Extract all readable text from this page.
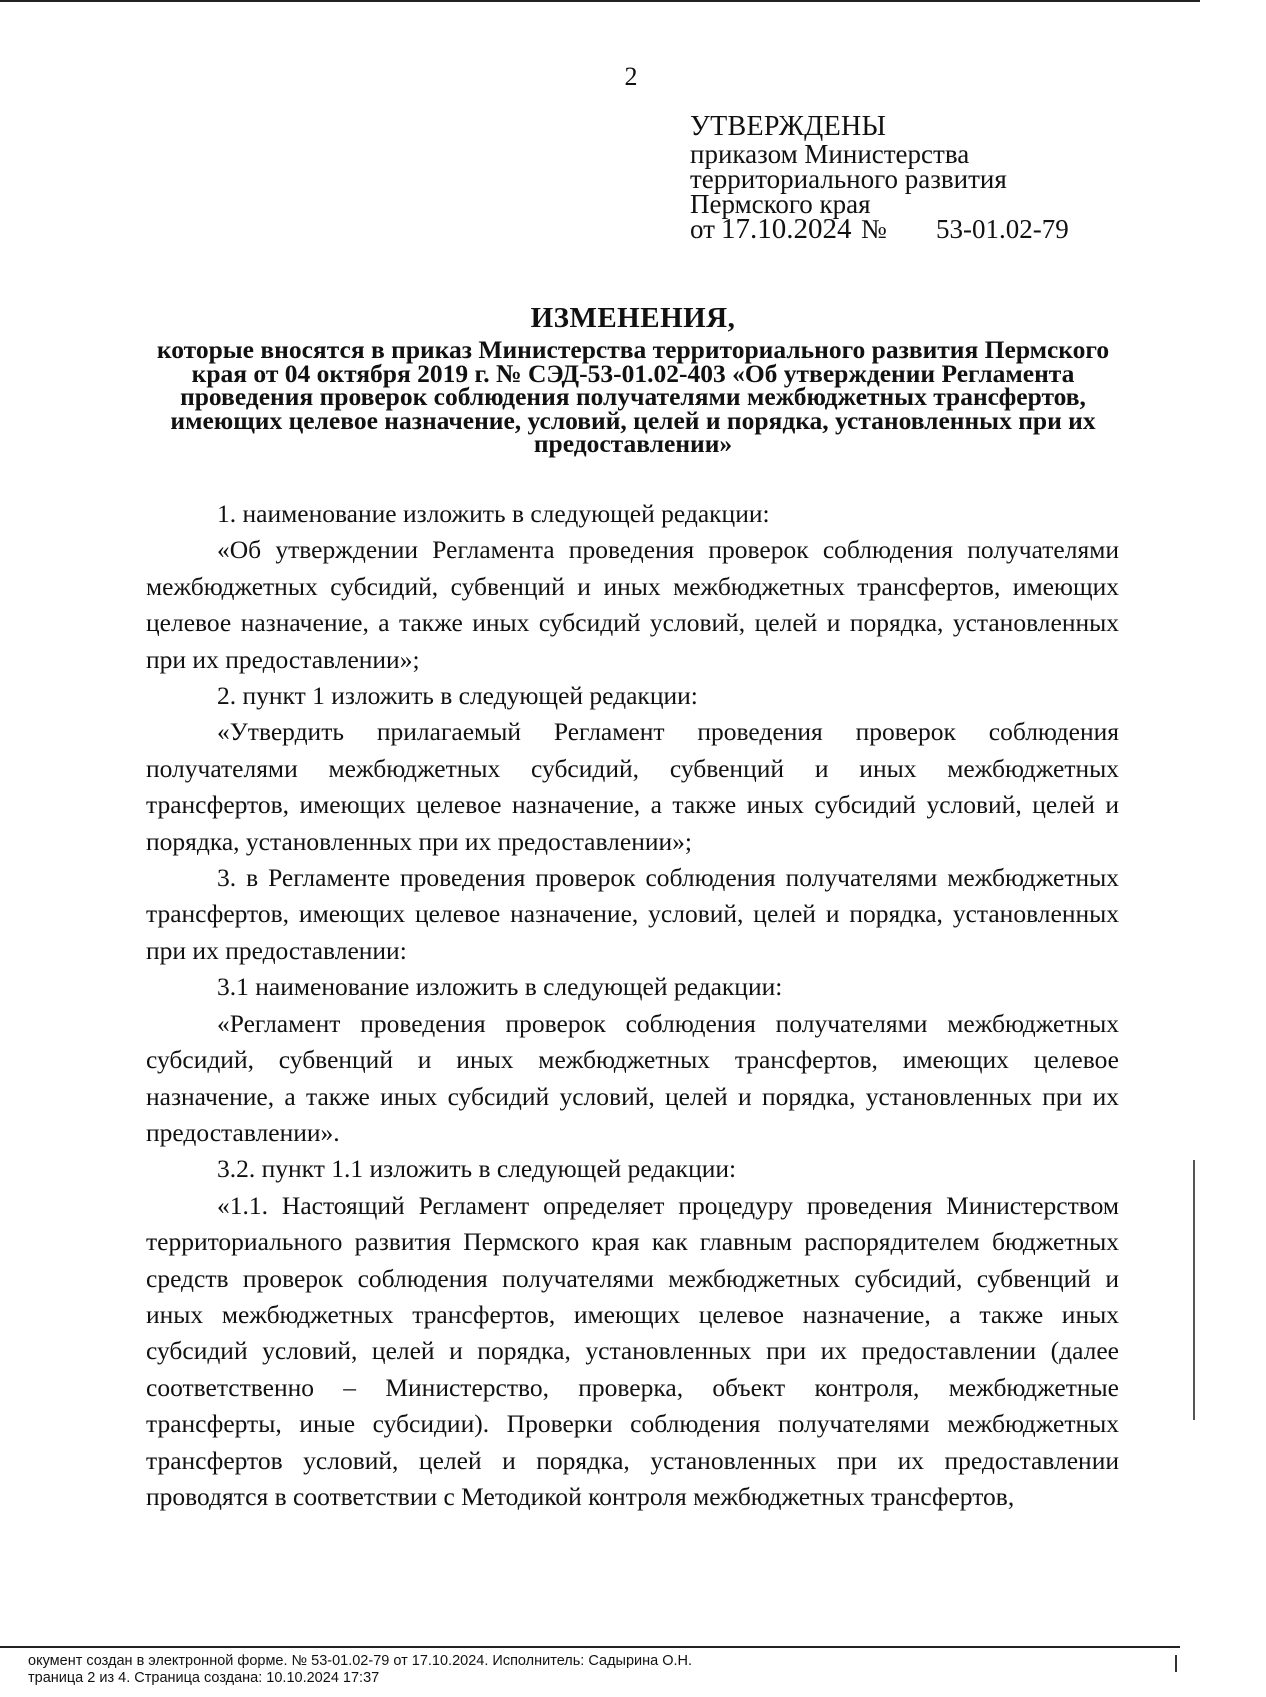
2
УТВЕРЖДЕНЫ
приказом Министерства
территориального развития
Пермского края
от 17.10.2024 № 53-01.02-79
ИЗМЕНЕНИЯ,
которые вносятся в приказ Министерства территориального развития Пермского края от 04 октября 2019 г. № СЭД-53-01.02-403 «Об утверждении Регламента проведения проверок соблюдения получателями межбюджетных трансфертов, имеющих целевое назначение, условий, целей и порядка, установленных при их предоставлении»

1. наименование изложить в следующей редакции:

«Об утверждении Регламента проведения проверок соблюдения получателями межбюджетных субсидий, субвенций и иных межбюджетных трансфертов, имеющих целевое назначение, а также иных субсидий условий, целей и порядка, установленных при их предоставлении»;

2. пункт 1 изложить в следующей редакции:

«Утвердить прилагаемый Регламент проведения проверок соблюдения получателями межбюджетных субсидий, субвенций и иных межбюджетных трансфертов, имеющих целевое назначение, а также иных субсидий условий, целей и порядка, установленных при их предоставлении»;

3. в Регламенте проведения проверок соблюдения получателями межбюджетных трансфертов, имеющих целевое назначение, условий, целей и порядка, установленных при их предоставлении:

3.1 наименование изложить в следующей редакции:

«Регламент проведения проверок соблюдения получателями межбюджетных субсидий, субвенций и иных межбюджетных трансфертов, имеющих целевое назначение, а также иных субсидий условий, целей и порядка, установленных при их предоставлении».

3.2. пункт 1.1 изложить в следующей редакции:

«1.1. Настоящий Регламент определяет процедуру проведения Министерством территориального развития Пермского края как главным распорядителем бюджетных средств проверок соблюдения получателями межбюджетных субсидий, субвенций и иных межбюджетных трансфертов, имеющих целевое назначение, а также иных субсидий условий, целей и порядка, установленных при их предоставлении (далее соответственно – Министерство, проверка, объект контроля, межбюджетные трансферты, иные субсидии). Проверки соблюдения получателями межбюджетных трансфертов условий, целей и порядка, установленных при их предоставлении проводятся в соответствии с Методикой контроля межбюджетных трансфертов,

окумент создан в электронной форме. № 53-01.02-79 от 17.10.2024. Исполнитель: Садырина О.Н.
траница 2 из 4. Страница создана: 10.10.2024 17:37
